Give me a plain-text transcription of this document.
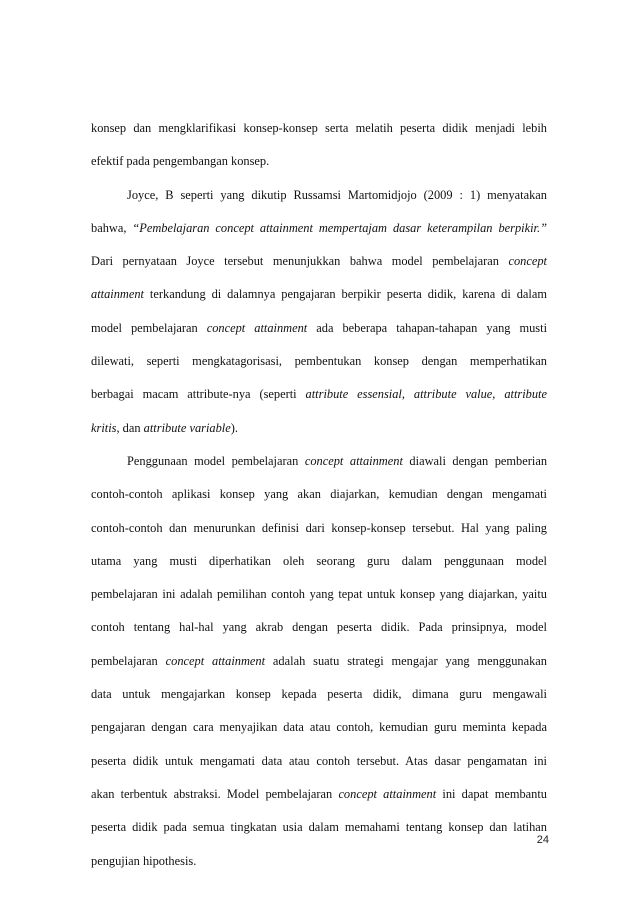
konsep dan mengklarifikasi konsep-konsep serta melatih peserta didik menjadi lebih
efektif pada pengembangan konsep.
Joyce, B seperti yang dikutip Russamsi Martomidjojo (2009 : 1) menyatakan
bahwa, “Pembelajaran concept attainment mempertajam dasar keterampilan berpikir.”
Dari pernyataan Joyce tersebut menunjukkan bahwa model pembelajaran concept
attainment terkandung di dalamnya pengajaran berpikir peserta didik, karena di dalam
model pembelajaran concept attainment ada beberapa tahapan-tahapan yang musti
dilewati, seperti mengkatagorisasi, pembentukan konsep dengan memperhatikan
berbagai macam attribute-nya (seperti attribute essensial, attribute value, attribute
kritis, dan attribute variable).
Penggunaan model pembelajaran concept attainment diawali dengan pemberian
contoh-contoh aplikasi konsep yang akan diajarkan, kemudian dengan mengamati
contoh-contoh dan menurunkan definisi dari konsep-konsep tersebut. Hal yang paling
utama yang musti diperhatikan oleh seorang guru dalam penggunaan model
pembelajaran ini adalah pemilihan contoh yang tepat untuk konsep yang diajarkan, yaitu
contoh tentang hal-hal yang akrab dengan peserta didik. Pada prinsipnya, model
pembelajaran concept attainment adalah suatu strategi mengajar yang menggunakan
data untuk mengajarkan konsep kepada peserta didik, dimana guru mengawali
pengajaran dengan cara menyajikan data atau contoh, kemudian guru meminta kepada
peserta didik untuk mengamati data atau contoh tersebut. Atas dasar pengamatan ini
akan terbentuk abstraksi. Model pembelajaran concept attainment ini dapat membantu
peserta didik pada semua tingkatan usia dalam memahami tentang konsep dan latihan
pengujian hipothesis.
24
